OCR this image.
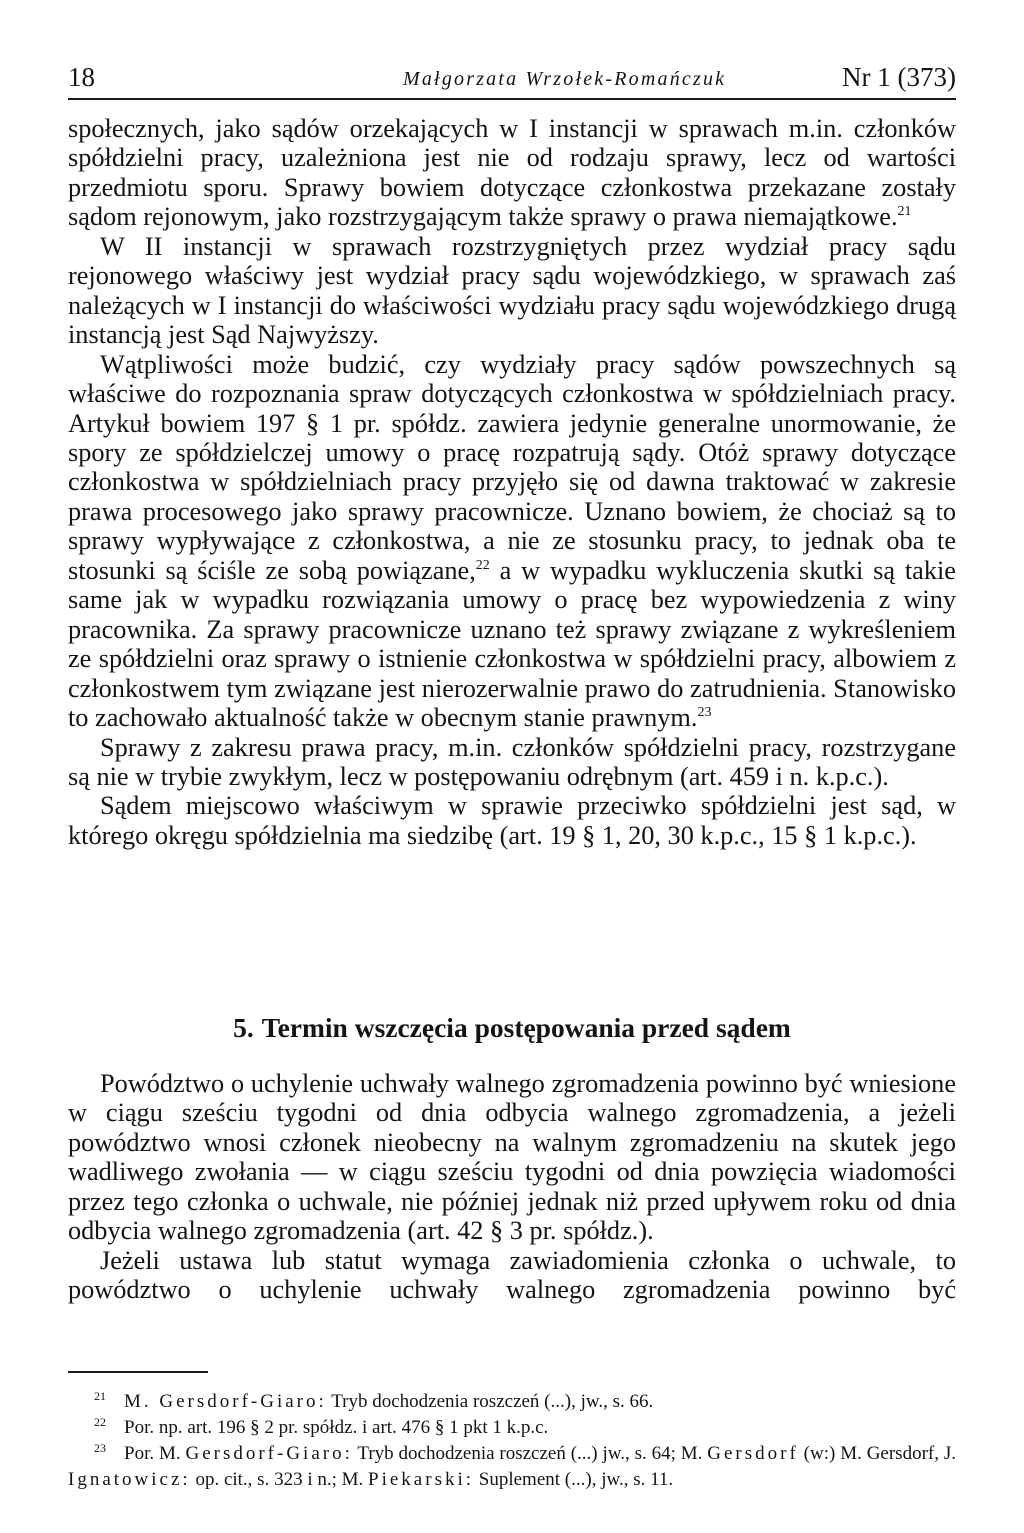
18	Małgorzata Wrzołek-Romańczuk	Nr 1 (373)

społecznych, jako sądów orzekających w I instancji w sprawach m.in. członków spółdzielni pracy, uzależniona jest nie od rodzaju sprawy, lecz od wartości przedmiotu sporu. Sprawy bowiem dotyczące członkostwa przekazane zostały sądom rejonowym, jako rozstrzygającym także sprawy o prawa niemajątkowe.$^{21}$

W II instancji w sprawach rozstrzygniętych przez wydział pracy sądu rejonowego właściwy jest wydział pracy sądu wojewódzkiego, w sprawach zaś należących w I instancji do właściwości wydziału pracy sądu wojewódzkiego drugą instancją jest Sąd Najwyższy.

Wątpliwości może budzić, czy wydziały pracy sądów powszechnych są właściwe do rozpoznania spraw dotyczących członkostwa w spółdzielniach pracy. Artykuł bowiem 197 § 1 pr. spółdz. zawiera jedynie generalne unormowanie, że spory ze spółdzielczej umowy o pracę rozpatrują sądy. Otóż sprawy dotyczące członkostwa w spółdzielniach pracy przyjęło się od dawna traktować w zakresie prawa procesowego jako sprawy pracownicze. Uznano bowiem, że chociaż są to sprawy wypływające z członkostwa, a nie ze stosunku pracy, to jednak oba te stosunki są ściśle ze sobą powiązane,$^{22}$ a w wypadku wykluczenia skutki są takie same jak w wypadku rozwiązania umowy o pracę bez wypowiedzenia z winy pracownika. Za sprawy pracownicze uznano też sprawy związane z wykreśleniem ze spółdzielni oraz sprawy o istnienie członkostwa w spółdzielni pracy, albowiem z członkostwem tym związane jest nierozerwalnie prawo do zatrudnienia. Stanowisko to zachowało aktualność także w obecnym stanie prawnym.$^{23}$

Sprawy z zakresu prawa pracy, m.in. członków spółdzielni pracy, rozstrzygane są nie w trybie zwykłym, lecz w postępowaniu odrębnym (art. 459 i n. k.p.c.).

Sądem miejscowo właściwym w sprawie przeciwko spółdzielni jest sąd, w którego okręgu spółdzielnia ma siedzibę (art. 19 § 1, 20, 30 k.p.c., 15 § 1 k.p.c.).

5. Termin wszczęcia postępowania przed sądem

Powództwo o uchylenie uchwały walnego zgromadzenia powinno być wniesione w ciągu sześciu tygodni od dnia odbycia walnego zgromadzenia, a jeżeli powództwo wnosi członek nieobecny na walnym zgromadzeniu na skutek jego wadliwego zwołania — w ciągu sześciu tygodni od dnia powzięcia wiadomości przez tego członka o uchwale, nie później jednak niż przed upływem roku od dnia odbycia walnego zgromadzenia (art. 42 § 3 pr. spółdz.).

Jeżeli ustawa lub statut wymaga zawiadomienia członka o uchwale, to powództwo o uchylenie uchwały walnego zgromadzenia powinno być

21 M. Gersdorf-Giaro: Tryb dochodzenia roszczeń (...), jw., s. 66.

22 Por. np. art. 196 § 2 pr. spółdz. i art. 476 § 1 pkt 1 k.p.c.

23 Por. M. Gersdorf-Giaro: Tryb dochodzenia roszczeń (...) jw., s. 64; M. Gersdorf (w:) M. Gersdorf, J. Ignatowicz: op. cit., s. 323 i n.; M. Piekarski: Suplement (...), jw., s. 11.
